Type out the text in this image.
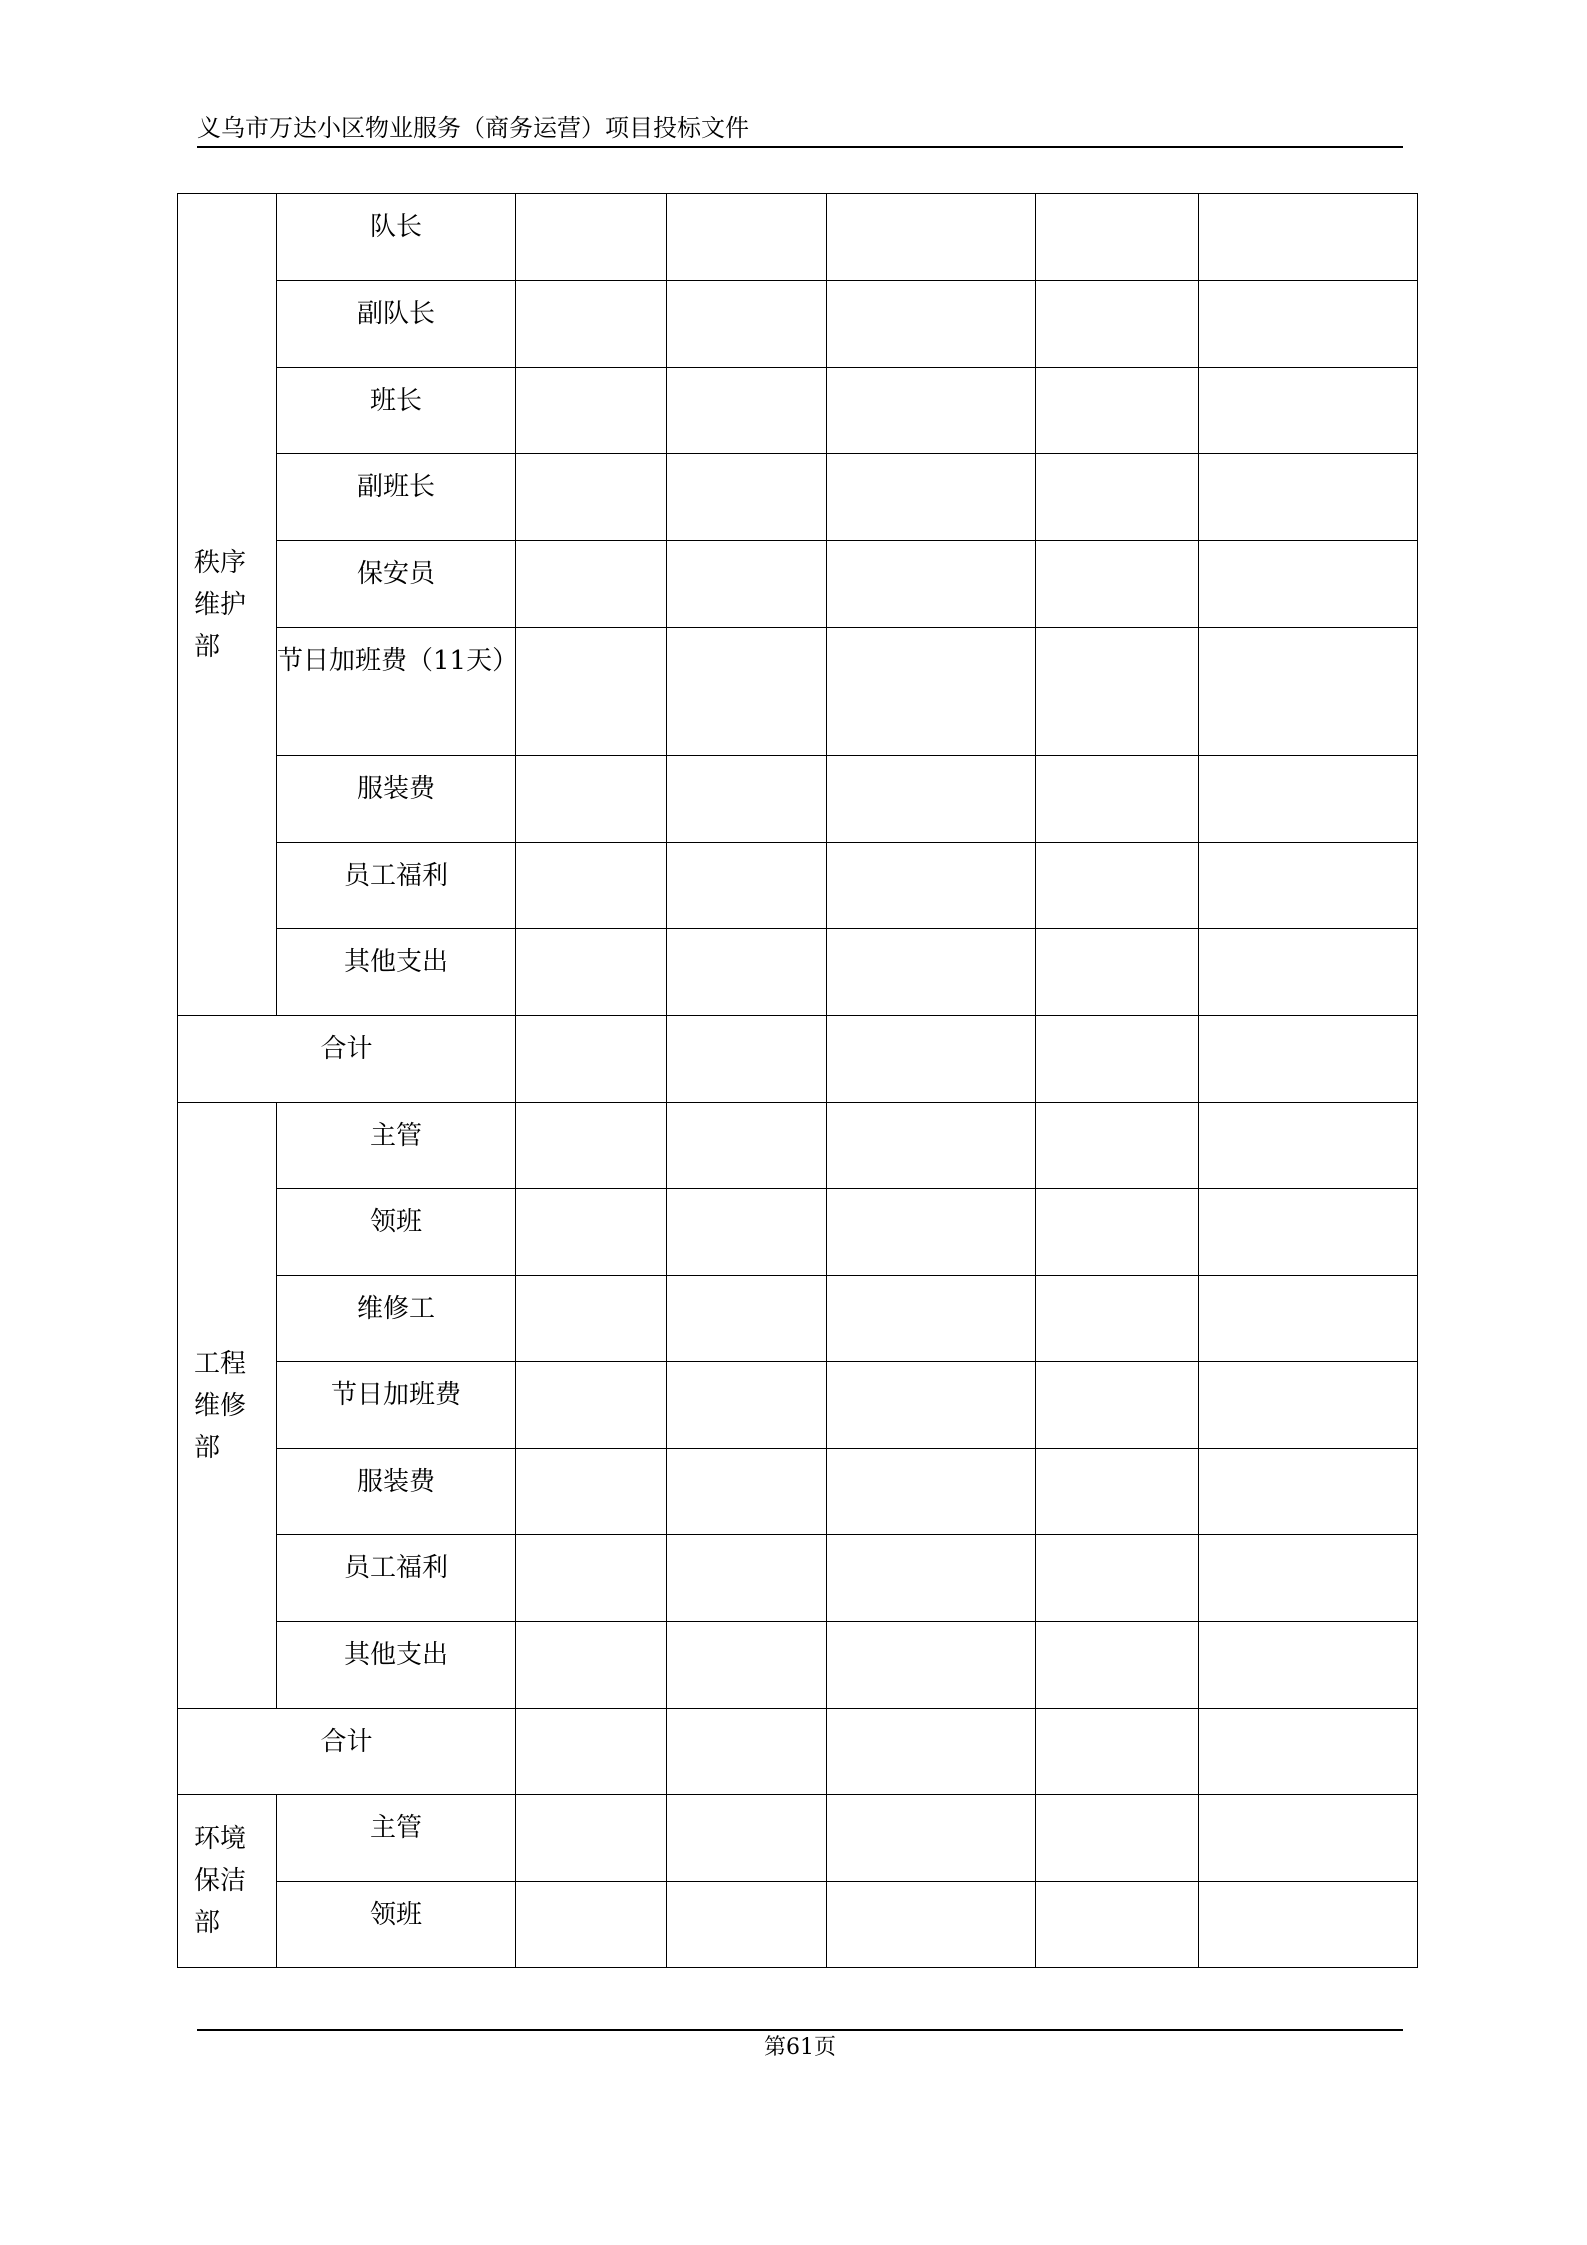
义乌市万达小区物业服务（商务运营）项目投标文件
秩序维护部	队长					
	副队长					
	班长					
	副班长					
	保安员					
	节日加班费（11天）					
	服装费					
	员工福利					
	其他支出					
合计						

工程维修部	主管					
	领班					
	维修工					
	节日加班费					
	服装费					
	员工福利					
	其他支出					
合计						

环境保洁部	主管					
	领班					
第61页
